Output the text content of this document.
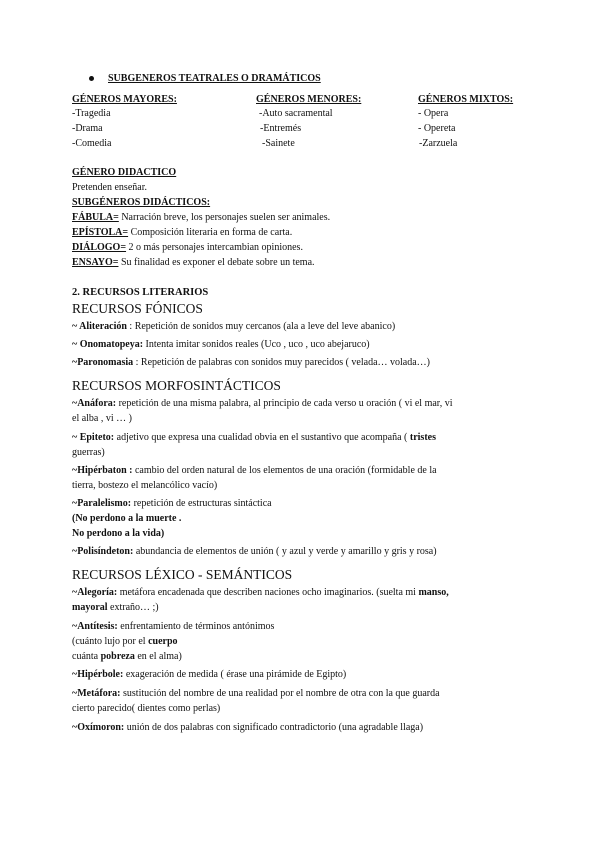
SUBGENEROS TEATRALES O DRAMÁTICOS
GÉNEROS MAYORES:
-Tragedia
-Drama
-Comedia
GÉNEROS MENORES:
-Auto sacramental
-Entremés
-Sainete
GÉNEROS MIXTOS:
- Opera
- Opereta
-Zarzuela
GÉNERO DIDACTICO
Pretenden enseñar.
SUBGÉNEROS DIDÁCTICOS:
FÁBULA= Narración breve, los personajes suelen ser animales.
EPÍSTOLA= Composición literaria en forma de carta.
DIÁLOGO= 2 o más personajes intercambian opiniones.
ENSAYO= Su finalidad es exponer el debate sobre un tema.
2. RECURSOS LITERARIOS
RECURSOS FÓNICOS
~ Aliteración : Repetición de sonidos muy cercanos (ala a leve del leve abanico)
~ Onomatopeya: Intenta imitar sonidos reales (Uco , uco , uco abejaruco)
~Paronomasia : Repetición de palabras con sonidos muy parecidos ( velada… volada…)
RECURSOS MORFOSINTÁCTICOS
~Anáfora: repetición de una misma palabra, al principio de cada verso u oración ( vi el mar, vi
el alba , vi … )
~ Epiteto: adjetivo que expresa una cualidad obvia en el sustantivo que acompaña ( tristes
guerras)
~Hipérbaton : cambio del orden natural de los elementos de una oración (formidable de la
tierra, bostezo el melancólico vacío)
~Paralelismo: repetición de estructuras sintáctica
(No perdono a la muerte .
No perdono a la vida)
~Polisíndeton: abundancia de elementos de unión ( y azul y verde y amarillo y gris y rosa)
RECURSOS LÉXICO - SEMÁNTICOS
~Alegoría: metáfora encadenada que describen naciones ocho imaginarios. (suelta mi manso,
mayoral extraño… ;)
~Antítesis: enfrentamiento de términos antónimos
(cuánto lujo por el cuerpo
cuánta pobreza en el alma)
~Hipérbole: exageración de medida ( érase una pirámide de Egipto)
~Metáfora: sustitución del nombre de una realidad por el nombre de otra con la que guarda
cierto parecido( dientes como perlas)
~Oxímoron: unión de dos palabras con significado contradictorio (una agradable llaga)
